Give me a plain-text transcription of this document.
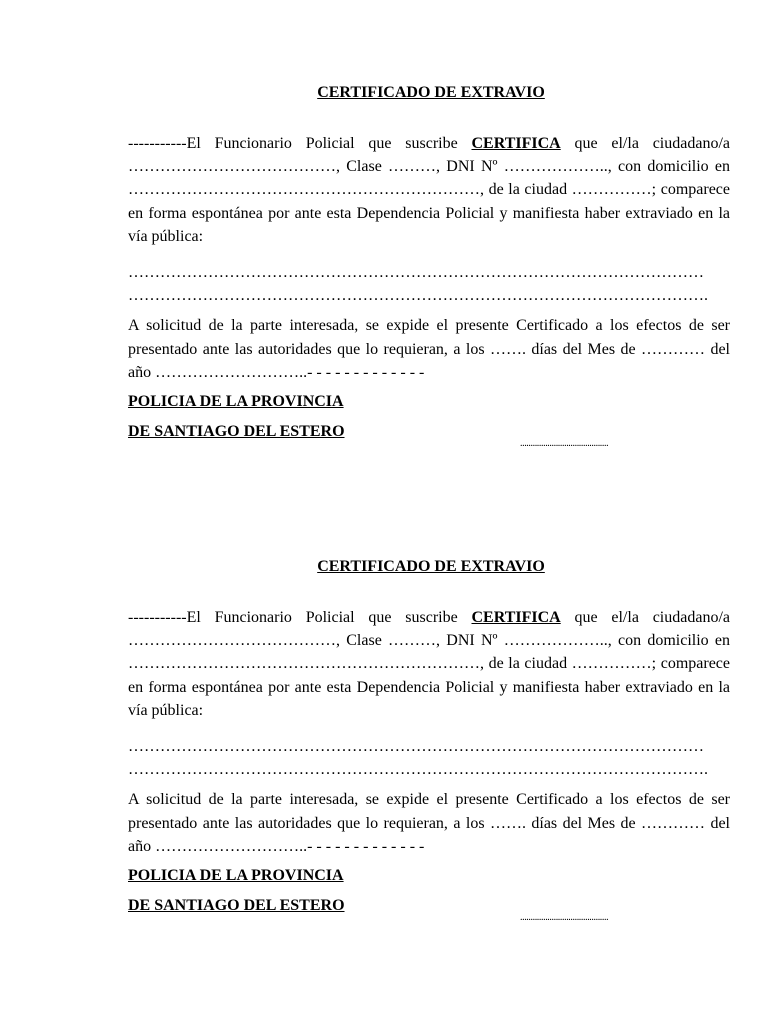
CERTIFICADO DE EXTRAVIO

-----------El Funcionario Policial que suscribe CERTIFICA que el/la ciudadano/a …………………………………, Clase ………, DNI Nº ……………….., con domicilio en …………………………………………………………, de la ciudad ……………; comparece en forma espontánea por ante esta Dependencia Policial y manifiesta haber extraviado en la vía pública:

………………………………………………………………………………………………
……………………………………………………………………………………………….

A solicitud de la parte interesada, se expide el presente Certificado a los efectos de ser presentado ante las autoridades que lo requieran, a los ……. días del Mes de ………… del año ………………………..- - - - - - - - - - - - -

POLICIA DE LA PROVINCIA
DE SANTIAGO DEL ESTERO
..........................................
CERTIFICADO DE EXTRAVIO

-----------El Funcionario Policial que suscribe CERTIFICA que el/la ciudadano/a …………………………………, Clase ………, DNI Nº ……………….., con domicilio en …………………………………………………………, de la ciudad ……………; comparece en forma espontánea por ante esta Dependencia Policial y manifiesta haber extraviado en la vía pública:

………………………………………………………………………………………………
……………………………………………………………………………………………….

A solicitud de la parte interesada, se expide el presente Certificado a los efectos de ser presentado ante las autoridades que lo requieran, a los ……. días del Mes de ………… del año ………………………..- - - - - - - - - - - - -

POLICIA DE LA PROVINCIA
DE SANTIAGO DEL ESTERO
..........................................
